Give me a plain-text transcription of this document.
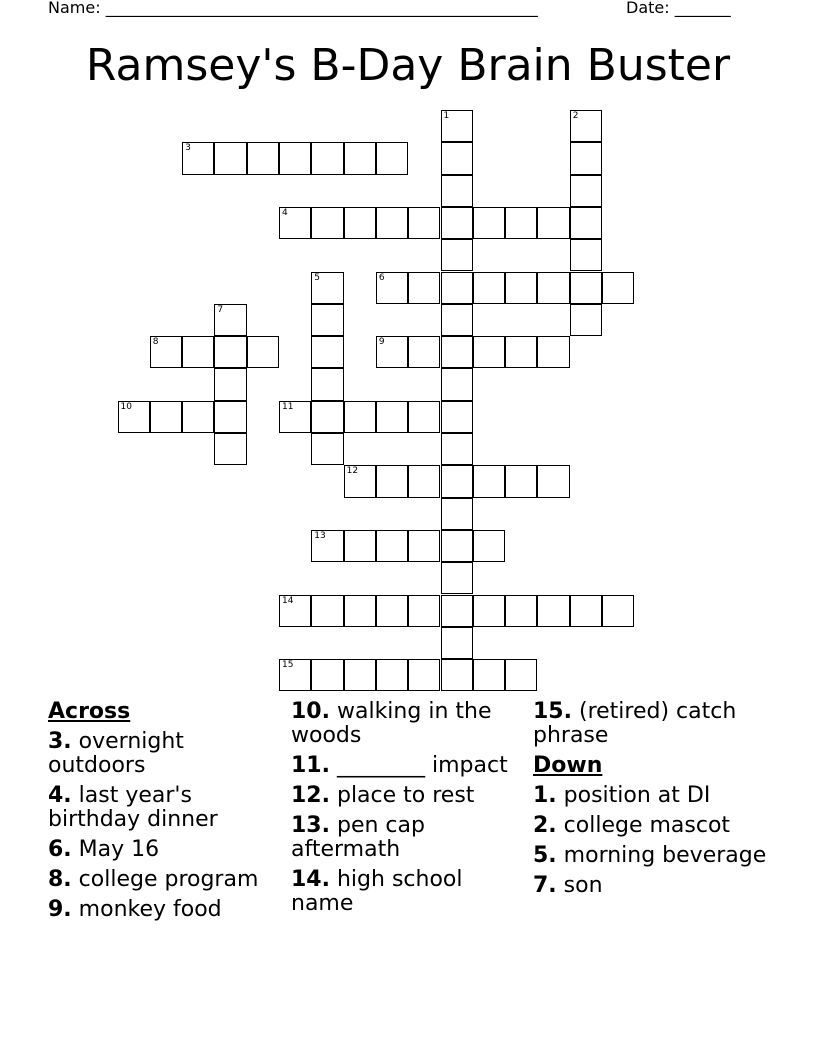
Name: ______________________________________________________	Date: _______
Ramsey's B-Day Brain Buster
1	2
3
4
5	6
7
8	9
10	11
12
13
14
15
Across
3. overnight outdoors
4. last year's birthday dinner
6. May 16
8. college program
9. monkey food
10. walking in the woods
11. ________ impact
12. place to rest
13. pen cap aftermath
14. high school name
15. (retired) catch phrase
Down
1. position at DI
2. college mascot
5. morning beverage
7. son
